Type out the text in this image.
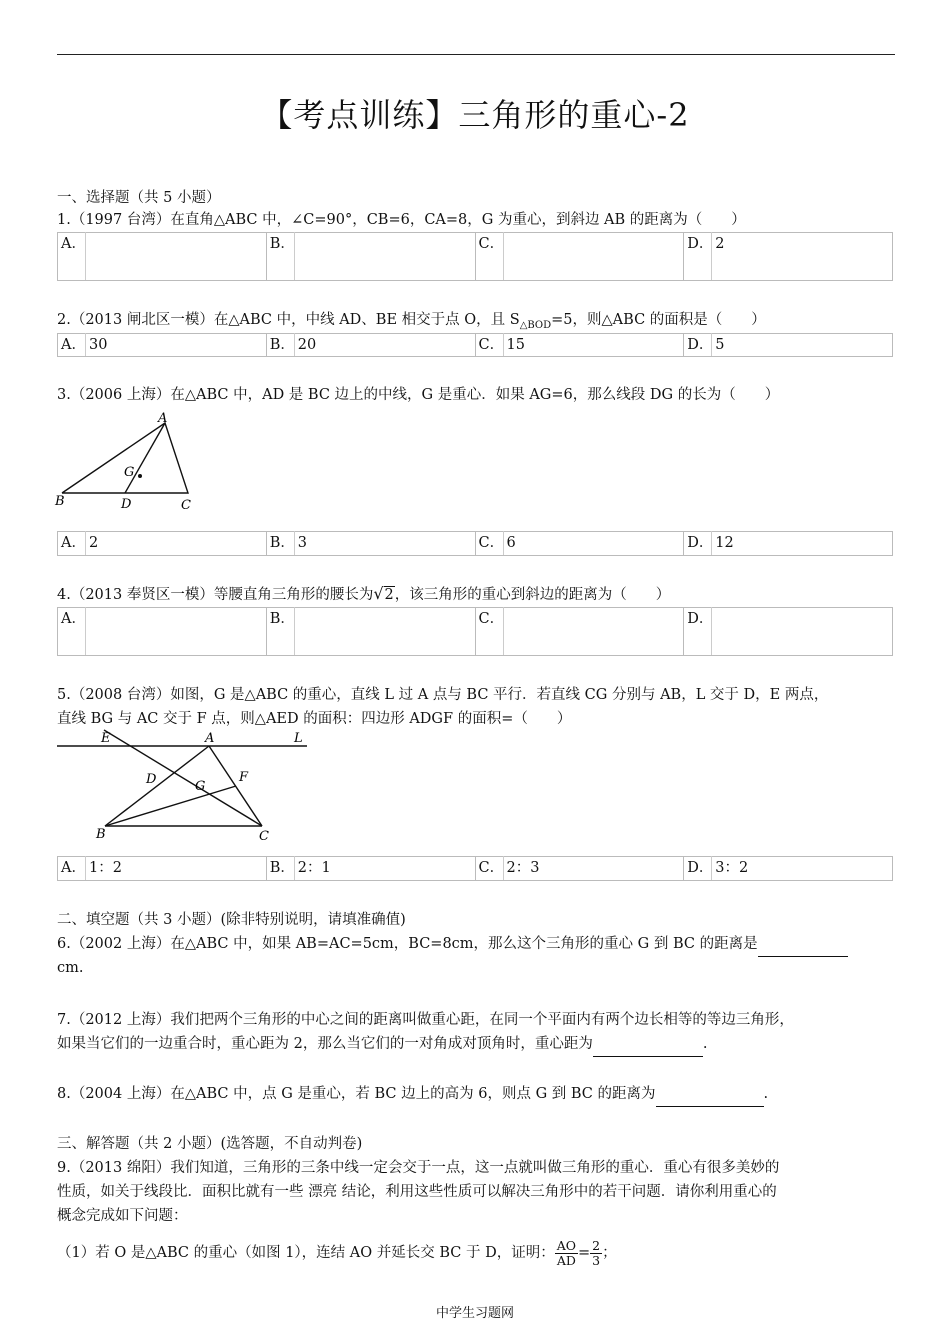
【考点训练】三角形的重心-2
一、选择题（共 5 小题）
1.（1997 台湾）在直角△ABC 中，∠C=90°，CB=6，CA=8，G 为重心，到斜边 AB 的距离为（　　）
A．		B．		C．		D．	2
2.（2013 闸北区一模）在△ABC 中，中线 AD、BE 相交于点 O，且 $S_{\triangle BOD}=5$，则△ABC 的面积是（　　）
A．	30	B．	20	C．	15	D．	5
3.（2006 上海）在△ABC 中，AD 是 BC 边上的中线，G 是重心．如果 AG=6，那么线段 DG 的长为（　　）
A
B	C
D
G
A．	2	B．	3	C．	6	D．	12
4.（2013 奉贤区一模）等腰直角三角形的腰长为√2，该三角形的重心到斜边的距离为（　　）
A．		B．		C．		D．	
5.（2008 台湾）如图，G 是△ABC 的重心，直线 L 过 A 点与 BC 平行．若直线 CG 分别与 AB，L 交于 D，E 两点，
直线 BG 与 AC 交于 F 点，则△AED 的面积：四边形 ADGF 的面积=（　　）
E	A	L
D	G
F
B	C
A．	1：2	B．	2：1	C．	2：3	D．	3：2
二、填空题（共 3 小题）(除非特别说明，请填准确值)
6.（2002 上海）在△ABC 中，如果 AB=AC=5cm，BC=8cm，那么这个三角形的重心 G 到 BC 的距离是
cm.
7.（2012 上海）我们把两个三角形的中心之间的距离叫做重心距，在同一个平面内有两个边长相等的等边三角形，
如果当它们的一边重合时，重心距为 2，那么当它们的一对角成对顶角时，重心距为	.
8.（2004 上海）在△ABC 中，点 G 是重心，若 BC 边上的高为 6，则点 G 到 BC 的距离为	.
三、解答题（共 2 小题）(选答题，不自动判卷)
9.（2013 绵阳）我们知道，三角形的三条中线一定会交于一点，这一点就叫做三角形的重心．重心有很多美妙的
性质，如关于线段比．面积比就有一些 漂亮 结论，利用这些性质可以解决三角形中的若干问题．请你利用重心的
概念完成如下问题：
（1）若 O 是△ABC 的重心（如图 1），连结 AO 并延长交 BC 于 D，证明： $\frac{AO}{AD} = \frac{2}{3}$ ；
中学生习题网
